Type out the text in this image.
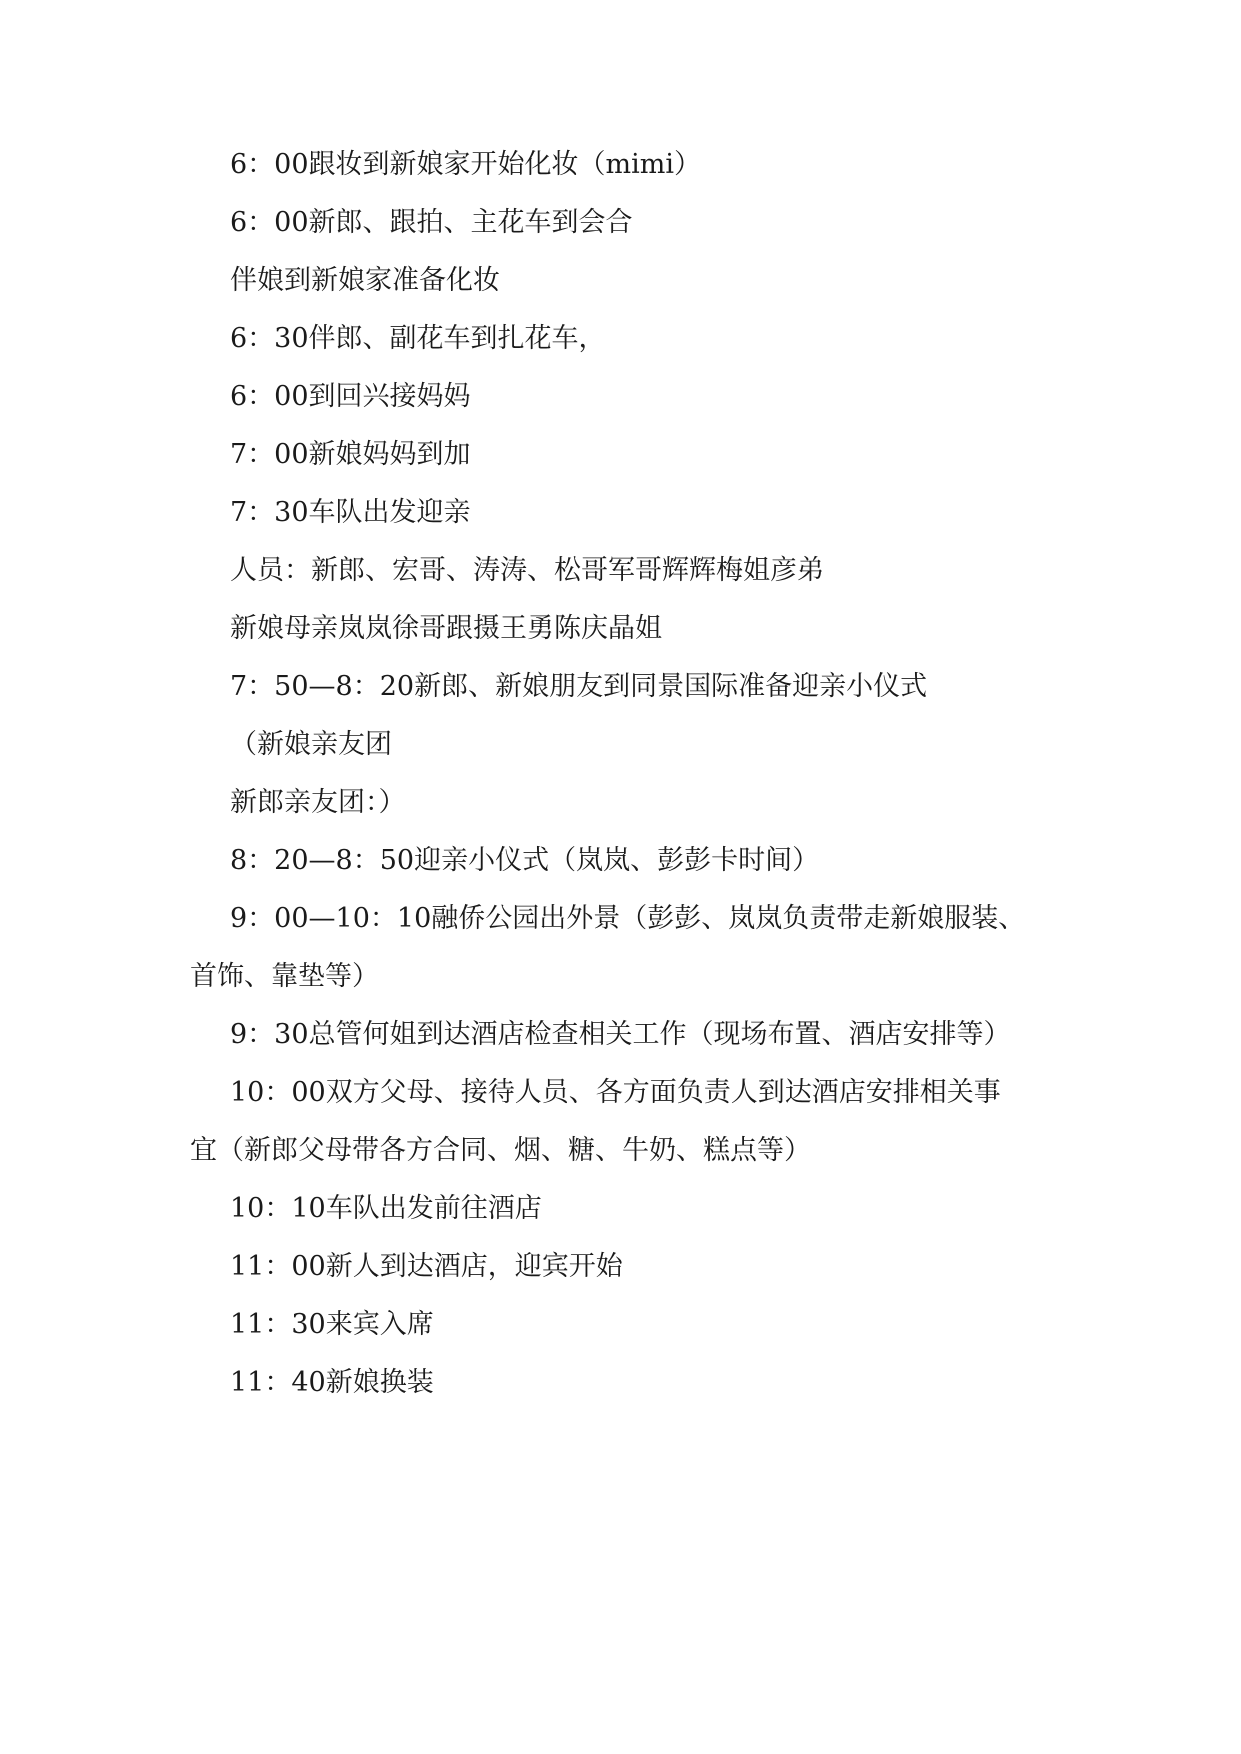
6：00跟妆到新娘家开始化妆（mimi）
6：00新郎、跟拍、主花车到会合
伴娘到新娘家准备化妆
6：30伴郎、副花车到扎花车，
6：00到回兴接妈妈
7：00新娘妈妈到加
7：30车队出发迎亲
人员：新郎、宏哥、涛涛、松哥军哥辉辉梅姐彦弟
新娘母亲岚岚徐哥跟摄王勇陈庆晶姐
7：50—8：20新郎、新娘朋友到同景国际准备迎亲小仪式
（新娘亲友团
新郎亲友团：）
8：20—8：50迎亲小仪式（岚岚、彭彭卡时间）
9：00—10：10融侨公园出外景（彭彭、岚岚负责带走新娘服装、
首饰、靠垫等）
9：30总管何姐到达酒店检查相关工作（现场布置、酒店安排等）
10：00双方父母、接待人员、各方面负责人到达酒店安排相关事
宜（新郎父母带各方合同、烟、糖、牛奶、糕点等）
10：10车队出发前往酒店
11：00新人到达酒店，迎宾开始
11：30来宾入席
11：40新娘换装
